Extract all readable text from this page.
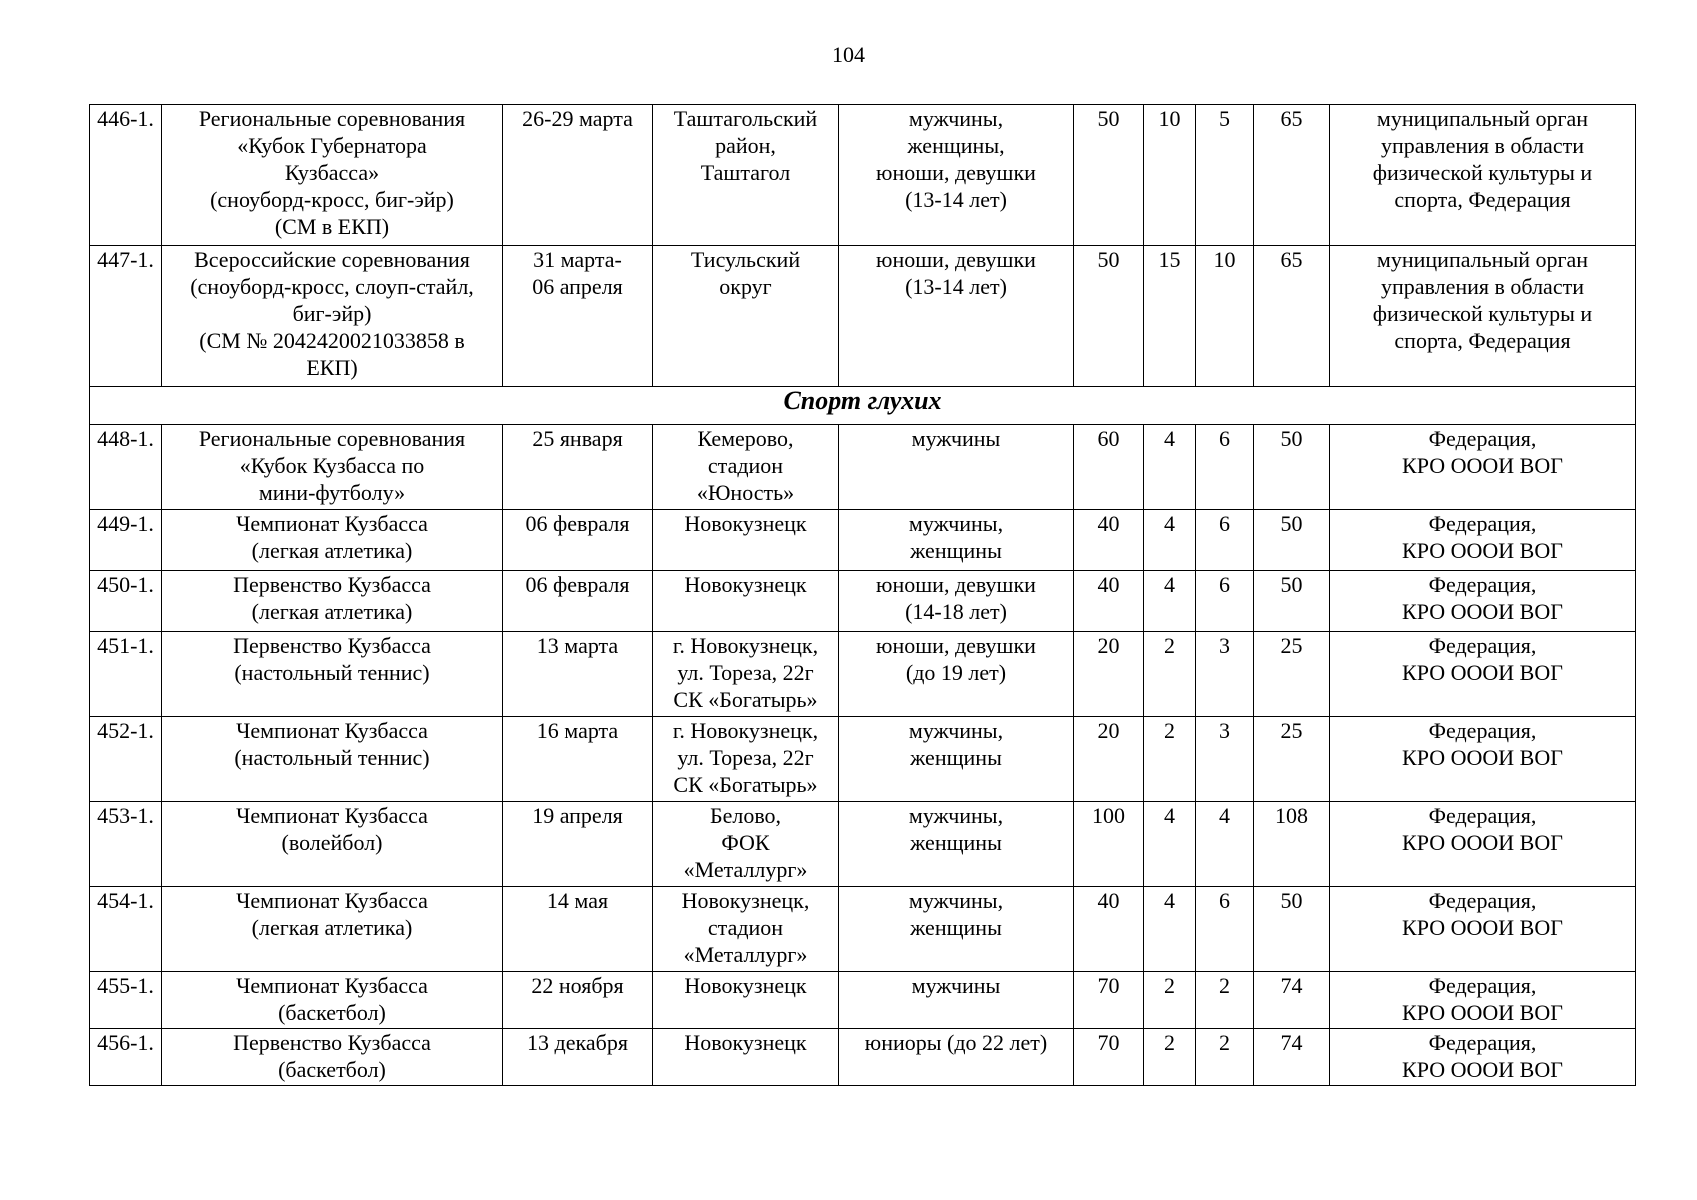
104
446-1.	Региональные соревнования
«Кубок Губернатора
Кузбасса»
(сноуборд-кросс, биг-эйр)
(СМ в ЕКП)	26-29 марта	Таштагольский
район,
Таштагол	мужчины,
женщины,
юноши, девушки
(13-14 лет)	50	10	5	65	муниципальный орган
управления в области
физической культуры и
спорта, Федерация
447-1.	Всероссийские соревнования
(сноуборд-кросс, слоуп-стайл,
биг-эйр)
(СМ № 2042420021033858 в
ЕКП)	31 марта-
06 апреля	Тисульский
округ	юноши, девушки
(13-14 лет)	50	15	10	65	муниципальный орган
управления в области
физической культуры и
спорта, Федерация
Спорт глухих									
448-1.	Региональные соревнования
«Кубок Кузбасса по
мини-футболу»	25 января	Кемерово,
стадион
«Юность»	мужчины	60	4	6	50	Федерация,
КРО ОООИ ВОГ
449-1.	Чемпионат Кузбасса
(легкая атлетика)	06 февраля	Новокузнецк	мужчины,
женщины	40	4	6	50	Федерация,
КРО ОООИ ВОГ
450-1.	Первенство Кузбасса
(легкая атлетика)	06 февраля	Новокузнецк	юноши, девушки
(14-18 лет)	40	4	6	50	Федерация,
КРО ОООИ ВОГ
451-1.	Первенство Кузбасса
(настольный теннис)	13 марта	г. Новокузнецк,
ул. Тореза, 22г
СК «Богатырь»	юноши, девушки
(до 19 лет)	20	2	3	25	Федерация,
КРО ОООИ ВОГ
452-1.	Чемпионат Кузбасса
(настольный теннис)	16 марта	г. Новокузнецк,
ул. Тореза, 22г
СК «Богатырь»	мужчины,
женщины	20	2	3	25	Федерация,
КРО ОООИ ВОГ
453-1.	Чемпионат Кузбасса
(волейбол)	19 апреля	Белово,
ФОК
«Металлург»	мужчины,
женщины	100	4	4	108	Федерация,
КРО ОООИ ВОГ
454-1.	Чемпионат Кузбасса
(легкая атлетика)	14 мая	Новокузнецк,
стадион
«Металлург»	мужчины,
женщины	40	4	6	50	Федерация,
КРО ОООИ ВОГ
455-1.	Чемпионат Кузбасса
(баскетбол)	22 ноября	Новокузнецк	мужчины	70	2	2	74	Федерация,
КРО ОООИ ВОГ
456-1.	Первенство Кузбасса
(баскетбол)	13 декабря	Новокузнецк	юниоры (до 22 лет)	70	2	2	74	Федерация,
КРО ОООИ ВОГ
